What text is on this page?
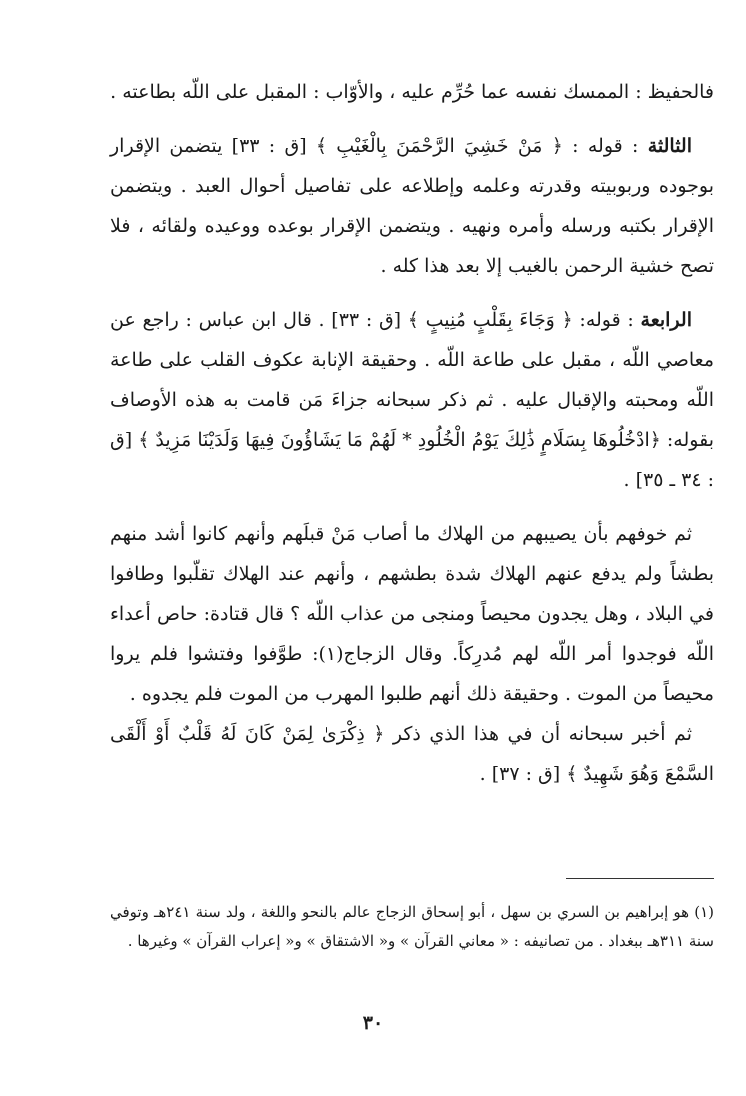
فالحفيظ : الممسك نفسه عما حُرِّم عليه ، والأوّاب : المقبل على اللّه بطاعته .

الثالثة : قوله : ﴿ مَنْ خَشِيَ الرَّحْمَنَ بِالْغَيْبِ ﴾ [ق : ٣٣] يتضمن الإقرار بوجوده وربوبيته وقدرته وعلمه وإطلاعه على تفاصيل أحوال العبد . ويتضمن الإقرار بكتبه ورسله وأمره ونهيه . ويتضمن الإقرار بوعده ووعيده ولقائه ، فلا تصح خشية الرحمن بالغيب إلا بعد هذا كله .

الرابعة : قوله: ﴿ وَجَاءَ بِقَلْبٍ مُنِيبٍ ﴾ [ق : ٣٣] . قال ابن عباس : راجع عن معاصي اللّه ، مقبل على طاعة اللّه . وحقيقة الإنابة عكوف القلب على طاعة اللّه ومحبته والإقبال عليه . ثم ذكر سبحانه جزاءَ مَن قامت به هذه الأوصاف بقوله: ﴿ادْخُلُوهَا بِسَلَامٍ ذَٰلِكَ يَوْمُ الْخُلُودِ * لَهُمْ مَا يَشَاؤُونَ فِيهَا وَلَدَيْنَا مَزِيدٌ ﴾ [ق : ٣٤ ـ ٣٥] .

ثم خوفهم بأن يصيبهم من الهلاك ما أصاب مَنْ قبلَهم وأنهم كانوا أشد منهم بطشاً ولم يدفع عنهم الهلاك شدة بطشهم ، وأنهم عند الهلاك تقلّبوا وطافوا في البلاد ، وهل يجدون محيصاً ومنجى من عذاب اللّه ؟ قال قتادة: حاص أعداء اللّه فوجدوا أمر اللّه لهم مُدرِكاً. وقال الزجاج(١): طوَّفوا وفتشوا فلم يروا محيصاً من الموت . وحقيقة ذلك أنهم طلبوا المهرب من الموت فلم يجدوه .

ثم أخبر سبحانه أن في هذا الذي ذكر ﴿ ذِكْرَىٰ لِمَنْ كَانَ لَهُ قَلْبٌ أَوْ أَلْقَى السَّمْعَ وَهُوَ شَهِيدٌ ﴾ [ق : ٣٧] .

(١) هو إبراهيم بن السري بن سهل ، أبو إسحاق الزجاج عالم بالنحو واللغة ، ولد سنة ٢٤١هـ وتوفي سنة ٣١١هـ ببغداد . من تصانيفه : « معاني القرآن » و« الاشتقاق » و« إعراب القرآن » وغيرها .

٣٠
